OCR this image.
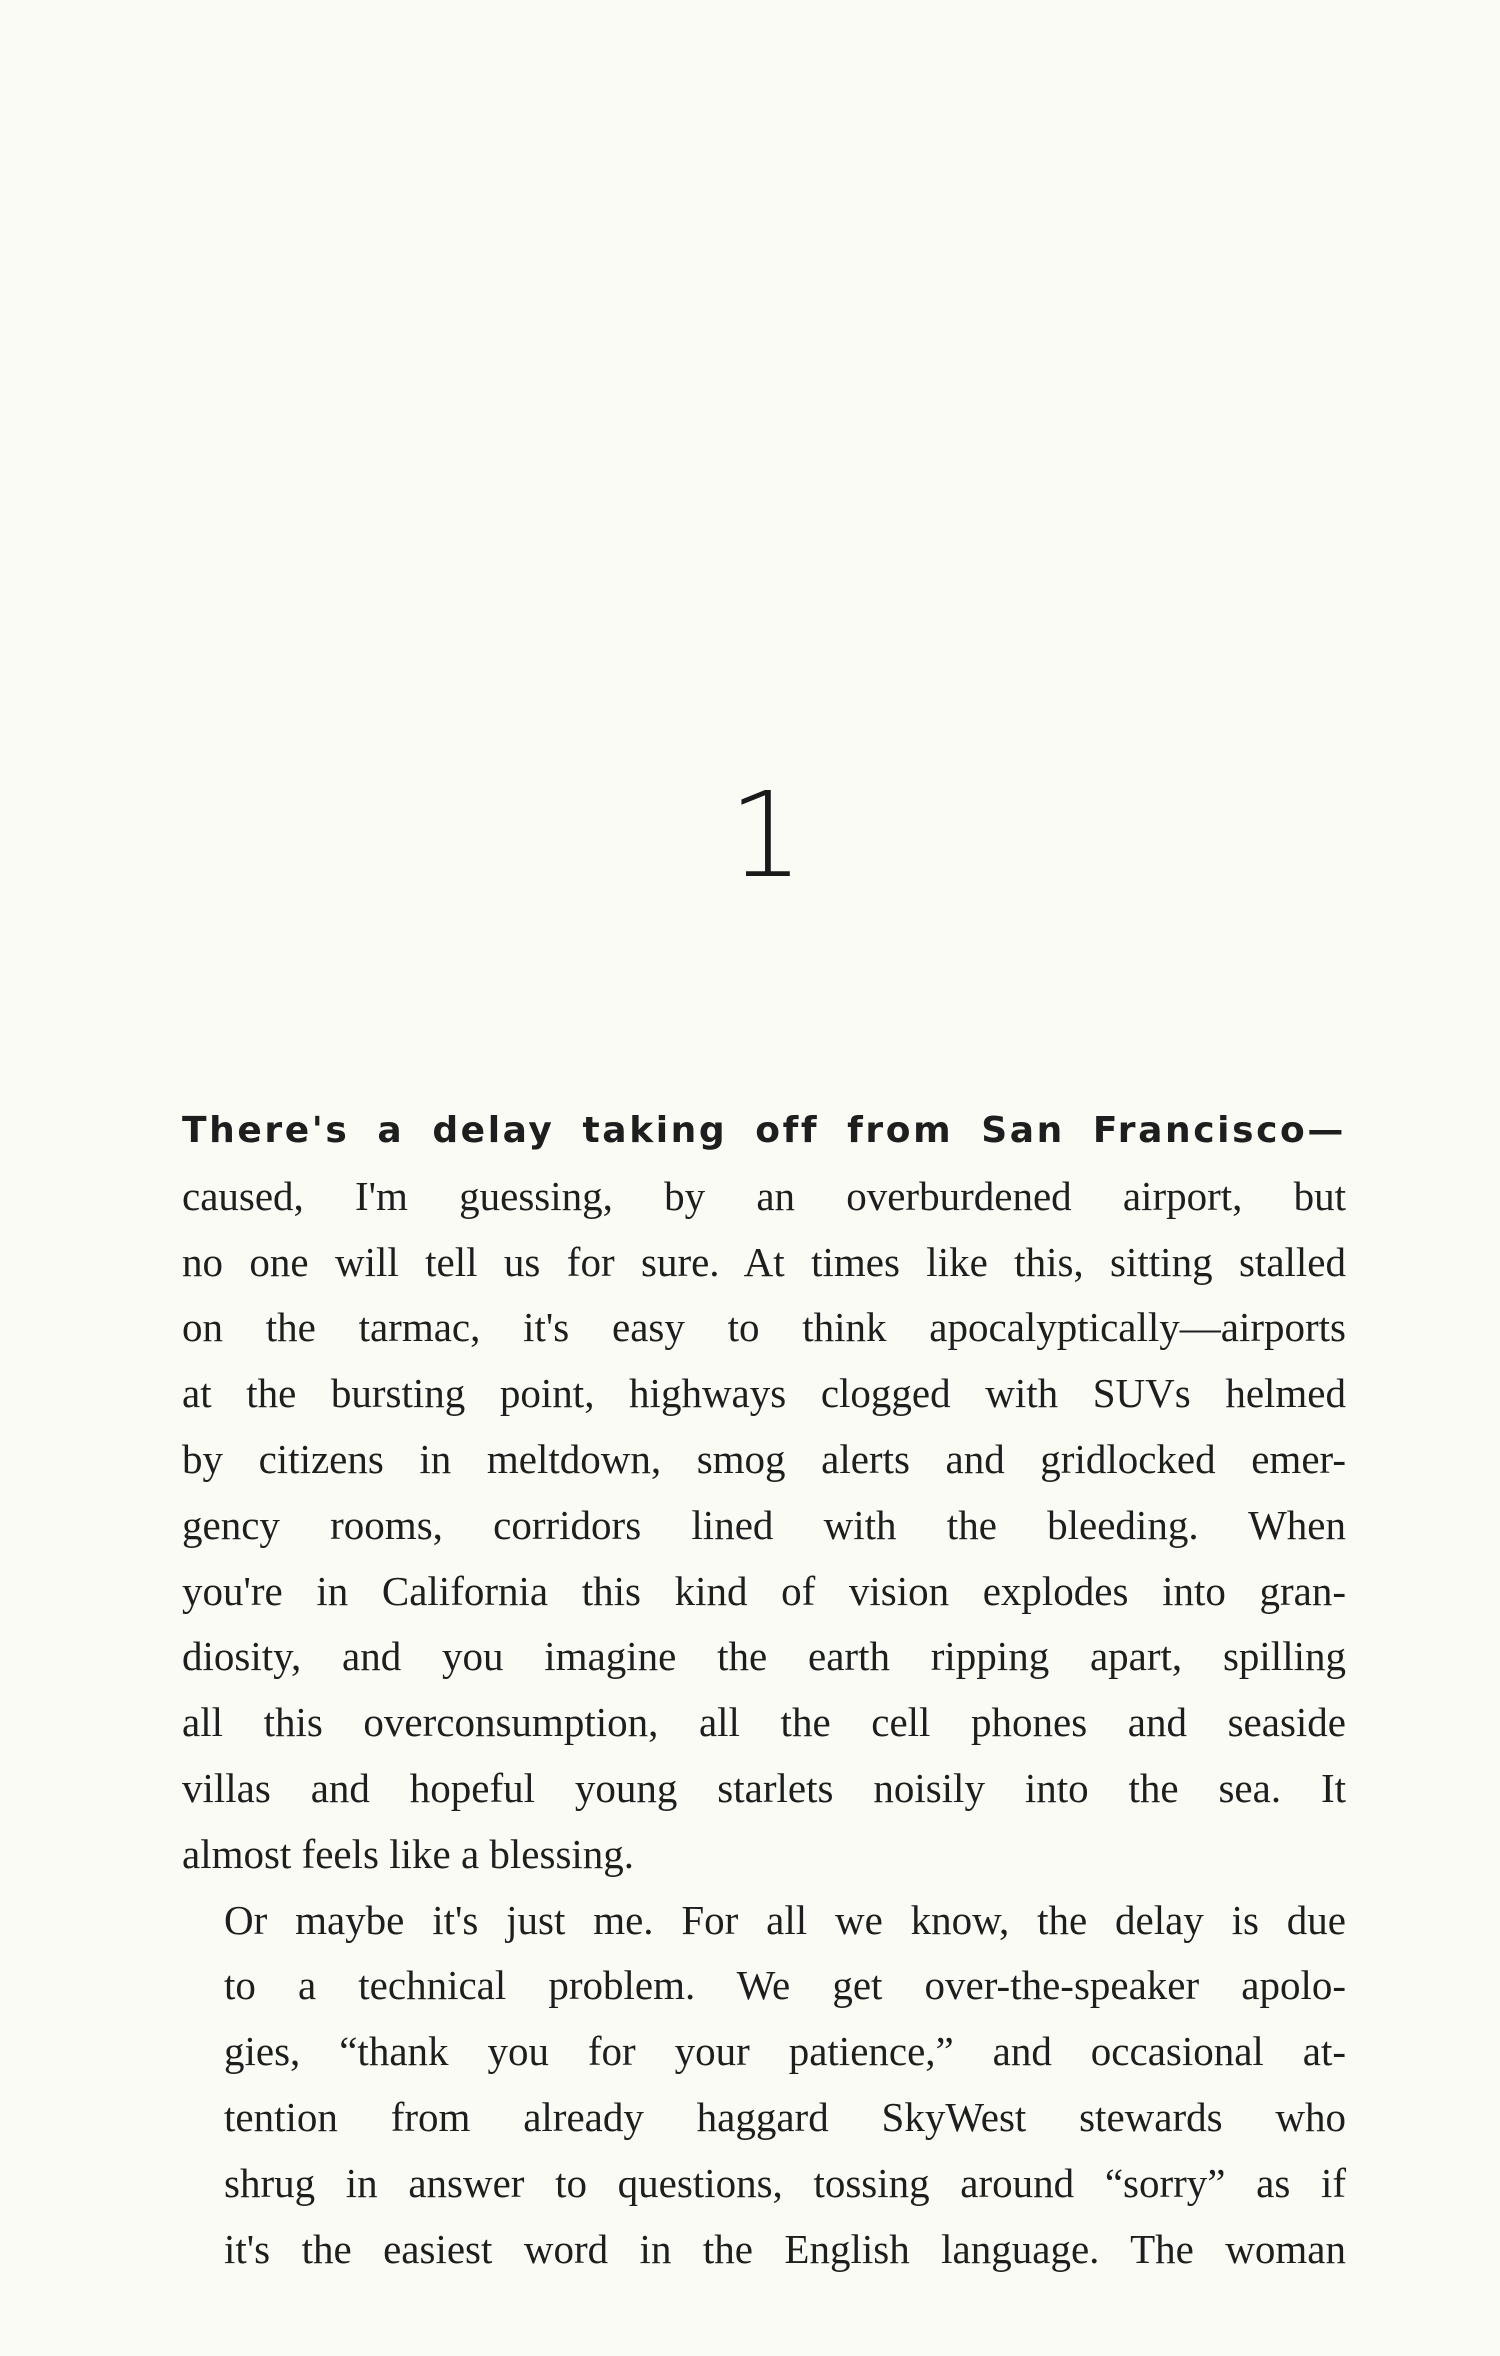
1

There's a delay taking off from San Francisco—
caused, I'm guessing, by an overburdened airport, but
no one will tell us for sure. At times like this, sitting stalled
on the tarmac, it's easy to think apocalyptically—airports
at the bursting point, highways clogged with SUVs helmed
by citizens in meltdown, smog alerts and gridlocked emer-
gency rooms, corridors lined with the bleeding. When
you're in California this kind of vision explodes into gran-
diosity, and you imagine the earth ripping apart, spilling
all this overconsumption, all the cell phones and seaside
villas and hopeful young starlets noisily into the sea. It
almost feels like a blessing.

Or maybe it's just me. For all we know, the delay is due
to a technical problem. We get over-the-speaker apolo-
gies, “thank you for your patience,” and occasional at-
tention from already haggard SkyWest stewards who
shrug in answer to questions, tossing around “sorry” as if
it's the easiest word in the English language. The woman
